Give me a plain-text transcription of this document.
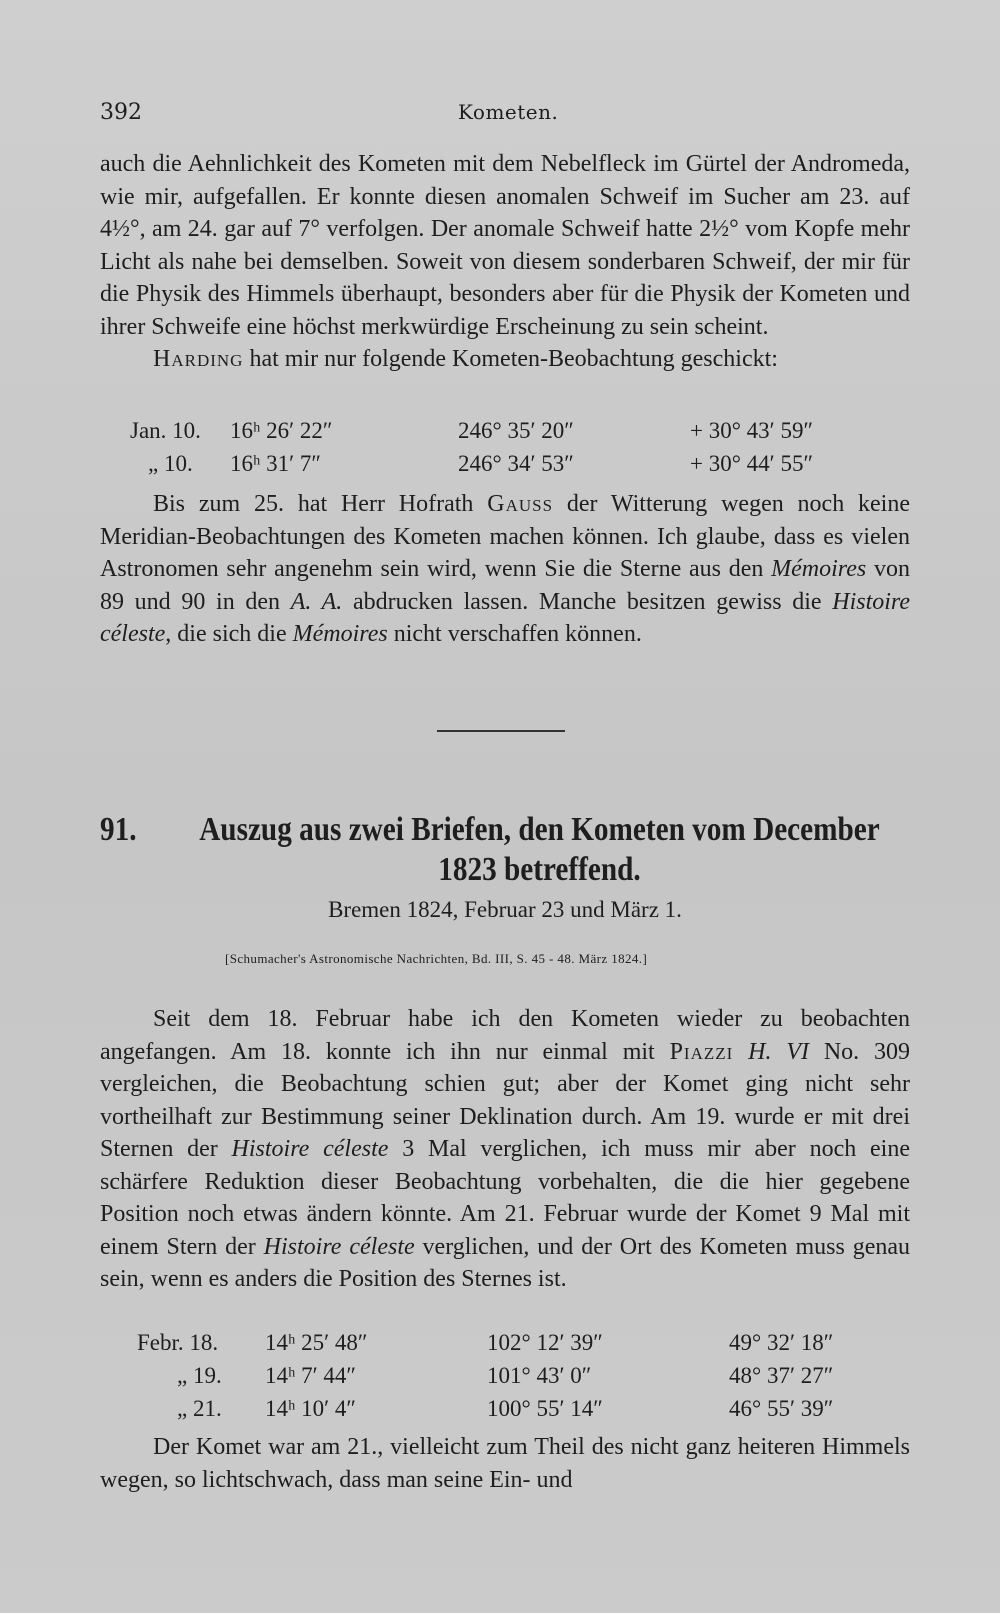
392	Kometen.

auch die Aehnlichkeit des Kometen mit dem Nebelfleck im Gürtel der Andromeda, wie mir, aufgefallen. Er konnte diesen anomalen Schweif im Sucher am 23. auf 4½°, am 24. gar auf 7° verfolgen. Der anomale Schweif hatte 2½° vom Kopfe mehr Licht als nahe bei demselben. Soweit von diesem sonderbaren Schweif, der mir für die Physik des Himmels überhaupt, besonders aber für die Physik der Kometen und ihrer Schweife eine höchst merkwürdige Erscheinung zu sein scheint.

Harding hat mir nur folgende Kometen-Beobachtung geschickt:

Jan. 10. 16ʰ 26′ 22″	246° 35′ 20″	+ 30° 43′ 59″
„ 10. 16ʰ 31′ 7″	246° 34′ 53″	+ 30° 44′ 55″

Bis zum 25. hat Herr Hofrath Gauss der Witterung wegen noch keine Meridian-Beobachtungen des Kometen machen können. Ich glaube, dass es vielen Astronomen sehr angenehm sein wird, wenn Sie die Sterne aus den Mémoires von 89 und 90 in den A. A. abdrucken lassen. Manche besitzen gewiss die Histoire céleste, die sich die Mémoires nicht verschaffen können.

91.	Auszug aus zwei Briefen, den Kometen vom December 1823 betreffend.
Bremen 1824, Februar 23 und März 1.
[Schumacher's Astronomische Nachrichten, Bd. III, S. 45 - 48. März 1824.]

Seit dem 18. Februar habe ich den Kometen wieder zu beobachten angefangen. Am 18. konnte ich ihn nur einmal mit Piazzi H. VI No. 309 vergleichen, die Beobachtung schien gut; aber der Komet ging nicht sehr vortheilhaft zur Bestimmung seiner Deklination durch. Am 19. wurde er mit drei Sternen der Histoire céleste 3 Mal verglichen, ich muss mir aber noch eine schärfere Reduktion dieser Beobachtung vorbehalten, die die hier gegebene Position noch etwas ändern könnte. Am 21. Februar wurde der Komet 9 Mal mit einem Stern der Histoire céleste verglichen, und der Ort des Kometen muss genau sein, wenn es anders die Position des Sternes ist.

Febr. 18. 14ʰ 25′ 48″	102° 12′ 39″	49° 32′ 18″
„ 19. 14ʰ 7′ 44″	101° 43′ 0″	48° 37′ 27″
„ 21. 14ʰ 10′ 4″	100° 55′ 14″	46° 55′ 39″

Der Komet war am 21., vielleicht zum Theil des nicht ganz heiteren Himmels wegen, so lichtschwach, dass man seine Ein- und
